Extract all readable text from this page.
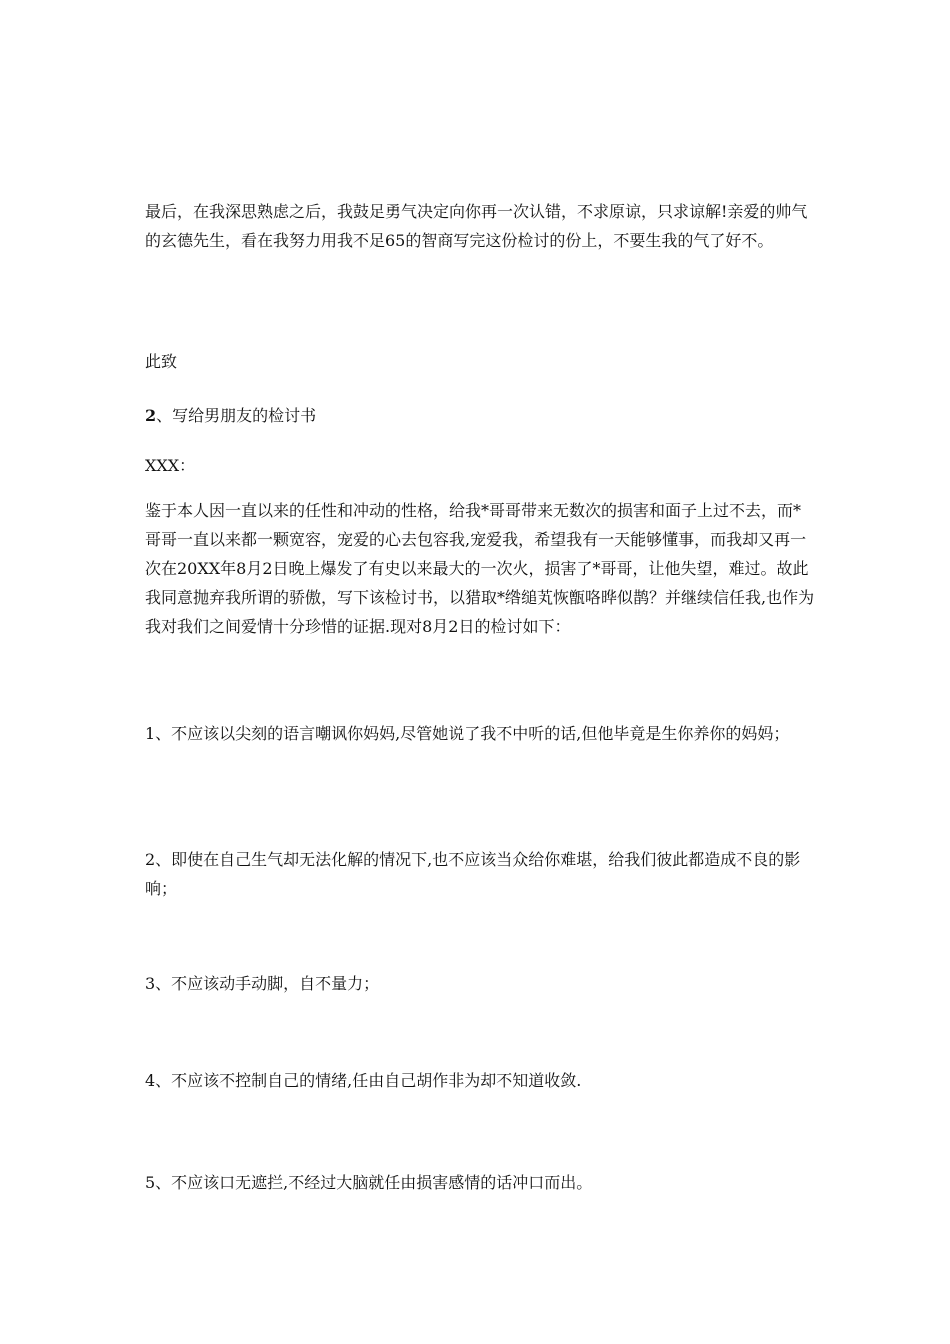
最后，在我深思熟虑之后，我鼓足勇气决定向你再一次认错，不求原谅，只求谅解!亲爱的帅气的玄德先生，看在我努力用我不足65的智商写完这份检讨的份上，不要生我的气了好不。

此致

2、写给男朋友的检讨书

XXX：

鉴于本人因一直以来的任性和冲动的性格，给我*哥哥带来无数次的损害和面子上过不去，而*哥哥一直以来都一颗宽容，宠爱的心去包容我,宠爱我，希望我有一天能够懂事，而我却又再一次在20XX年8月2日晚上爆发了有史以来最大的一次火，损害了*哥哥，让他失望，难过。故此我同意抛弃我所谓的骄傲，写下该检讨书，以猎取*绺缒芄恢甑咯晔似鹊？并继续信任我,也作为我对我们之间爱情十分珍惜的证据.现对8月2日的检讨如下：

1、不应该以尖刻的语言嘲讽你妈妈,尽管她说了我不中听的话,但他毕竟是生你养你的妈妈；

2、即使在自己生气却无法化解的情况下,也不应该当众给你难堪，给我们彼此都造成不良的影响；

3、不应该动手动脚，自不量力；

4、不应该不控制自己的情绪,任由自己胡作非为却不知道收敛.

5、不应该口无遮拦,不经过大脑就任由损害感情的话冲口而出。
